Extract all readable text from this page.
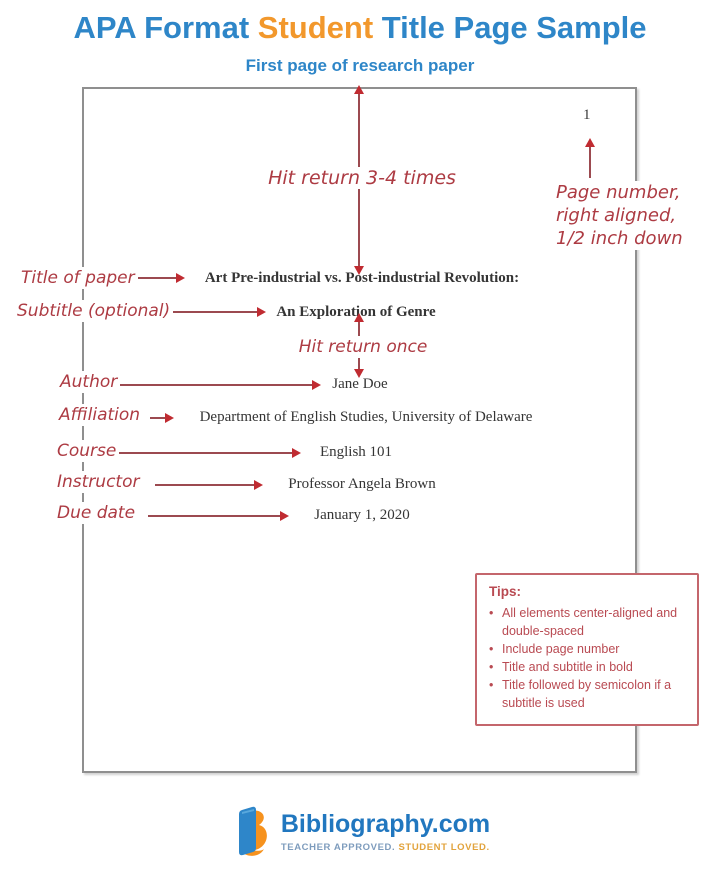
APA Format Student Title Page Sample
First page of research paper
1
Page number,
right aligned,
1/2 inch down
Hit return 3-4 times
Title of paper	Art Pre-industrial vs. Post-industrial Revolution:
Subtitle (optional)	An Exploration of Genre
Hit return once
Author	Jane Doe
Affiliation	Department of English Studies, University of Delaware
Course	English 101
Instructor	Professor Angela Brown
Due date	January 1, 2020
Tips:
• All elements center-aligned and double-spaced
• Include page number
• Title and subtitle in bold
• Title followed by semicolon if a subtitle is used
Bibliography.com
TEACHER APPROVED. STUDENT LOVED.
